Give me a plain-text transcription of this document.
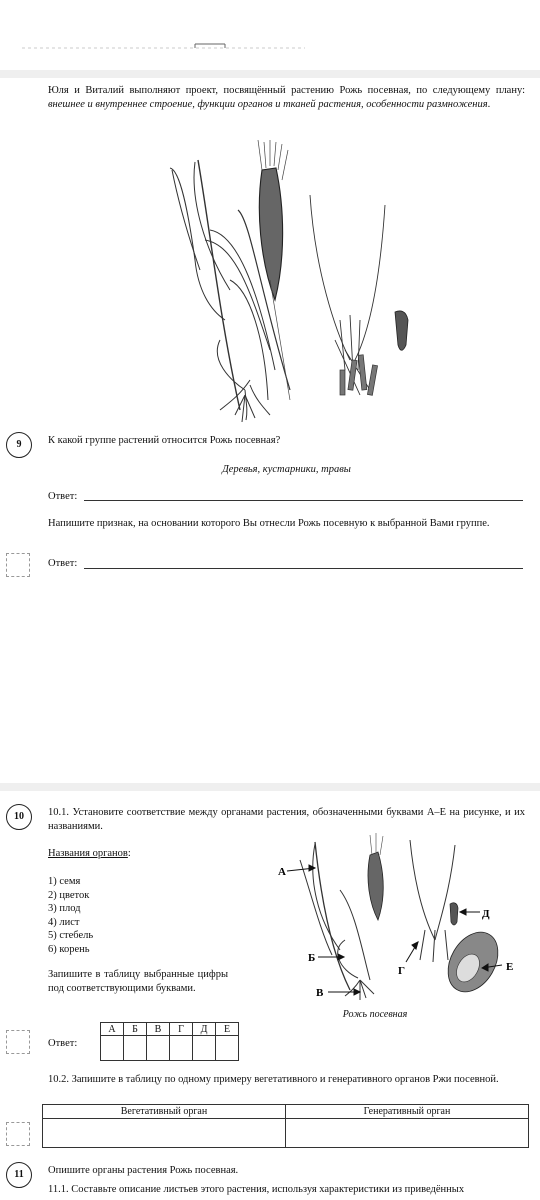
Юля и Виталий выполняют проект, посвящённый растению Рожь посевная, по следующему плану: внешнее и внутреннее строение, функции органов и тканей растения, особенности размножения.
9	К какой группе растений относится Рожь посевная?
Деревья, кустарники, травы
Ответ:
Напишите признак, на основании которого Вы отнесли Рожь посевную к выбранной Вами группе.
Ответ:
10	10.1. Установите соответствие между органами растения, обозначенными буквами А–Е на рисунке, и их названиями.
Названия органов:
1) семя
2) цветок
3) плод
4) лист
5) стебель
6) корень
Запишите в таблицу выбранные цифры под соответствующими буквами.
А
Б
В
Г
Д
Е
Рожь посевная
Ответ:
А	Б	В	Г	Д	Е

10.2. Запишите в таблицу по одному примеру вегетативного и генеративного органов Ржи посевной.
Вегетативный орган	Генеративный орган

11	Опишите органы растения Рожь посевная.
11.1. Составьте описание листьев этого растения, используя характеристики из приведённых
